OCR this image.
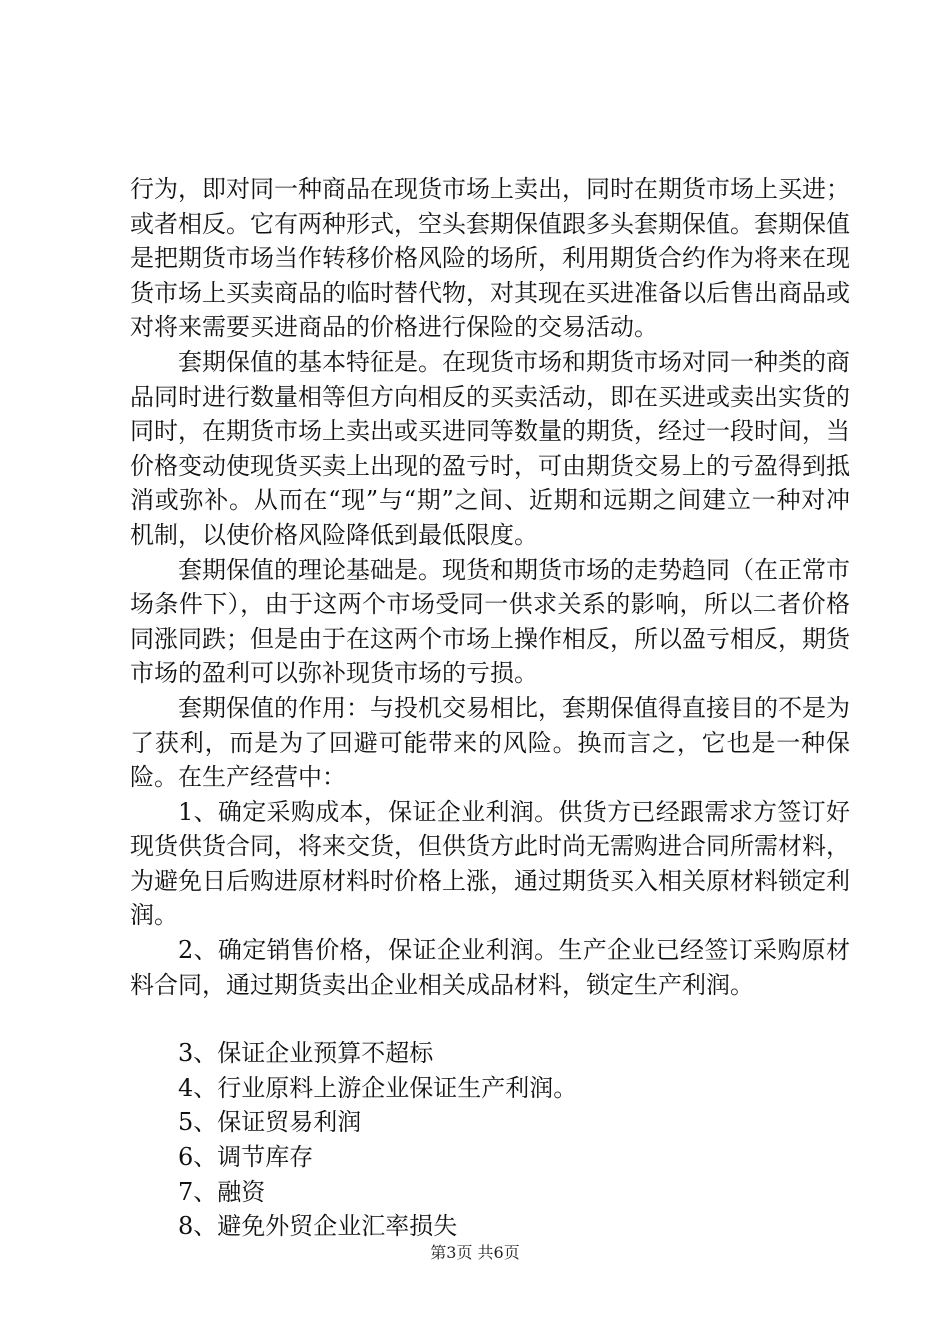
行为，即对同一种商品在现货市场上卖出，同时在期货市场上买进；或者相反。它有两种形式，空头套期保值跟多头套期保值。套期保值是把期货市场当作转移价格风险的场所，利用期货合约作为将来在现货市场上买卖商品的临时替代物，对其现在买进准备以后售出商品或对将来需要买进商品的价格进行保险的交易活动。

套期保值的基本特征是。在现货市场和期货市场对同一种类的商品同时进行数量相等但方向相反的买卖活动，即在买进或卖出实货的同时，在期货市场上卖出或买进同等数量的期货，经过一段时间，当价格变动使现货买卖上出现的盈亏时，可由期货交易上的亏盈得到抵消或弥补。从而在“现”与“期”之间、近期和远期之间建立一种对冲机制，以使价格风险降低到最低限度。

套期保值的理论基础是。现货和期货市场的走势趋同（在正常市场条件下），由于这两个市场受同一供求关系的影响，所以二者价格同涨同跌；但是由于在这两个市场上操作相反，所以盈亏相反，期货市场的盈利可以弥补现货市场的亏损。

套期保值的作用：与投机交易相比，套期保值得直接目的不是为了获利，而是为了回避可能带来的风险。换而言之，它也是一种保险。在生产经营中：

1、确定采购成本，保证企业利润。供货方已经跟需求方签订好现货供货合同，将来交货，但供货方此时尚无需购进合同所需材料，为避免日后购进原材料时价格上涨，通过期货买入相关原材料锁定利润。

2、确定销售价格，保证企业利润。生产企业已经签订采购原材料合同，通过期货卖出企业相关成品材料，锁定生产利润。

3、保证企业预算不超标

4、行业原料上游企业保证生产利润。

5、保证贸易利润

6、调节库存

7、融资

8、避免外贸企业汇率损失

第3页 共6页
